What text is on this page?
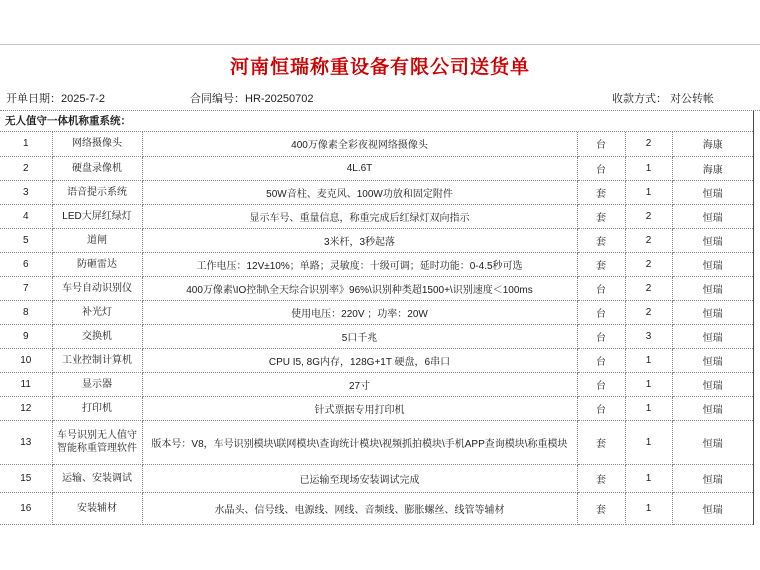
河南恒瑞称重设备有限公司送货单
开单日期：2025-7-2	合同编号：HR-20250702	收款方式： 对公转帐
无人值守一体机称重系统：
1	网络摄像头	400万像素全彩夜视网络摄像头	台	2	海康
2	硬盘录像机	4L.6T	台	1	海康
3	语音提示系统	50W音柱、麦克风、100W功放和固定附件	套	1	恒瑞
4	LED大屏红绿灯	显示车号、重量信息，称重完成后红绿灯双向指示	套	2	恒瑞
5	道闸	3米杆，3秒起落	套	2	恒瑞
6	防砸雷达	工作电压：12V±10%；单路；灵敏度：十级可调；延时功能：0-4.5秒可选	套	2	恒瑞
7	车号自动识别仪	400万像素\IO控制\全天综合识别率》96%\识别种类超1500+\识别速度＜100ms	台	2	恒瑞
8	补光灯	使用电压：220V ；功率：20W	台	2	恒瑞
9	交换机	5口千兆	台	3	恒瑞
10	工业控制计算机	CPU I5, 8G内存，128G+1T 硬盘，6串口	台	1	恒瑞
11	显示器	27寸	台	1	恒瑞
12	打印机	针式票据专用打印机	台	1	恒瑞
13	车号识别无人值守智能称重管理软件	版本号：V8，车号识别模块\联网模块\查询统计模块\视频抓拍模块\手机APP查询模块\称重模块	套	1	恒瑞
15	运输、安装调试	已运输至现场安装调试完成	套	1	恒瑞
16	安装辅材	水晶头、信号线、电源线、网线、音频线、膨胀螺丝、线管等辅材	套	1	恒瑞
